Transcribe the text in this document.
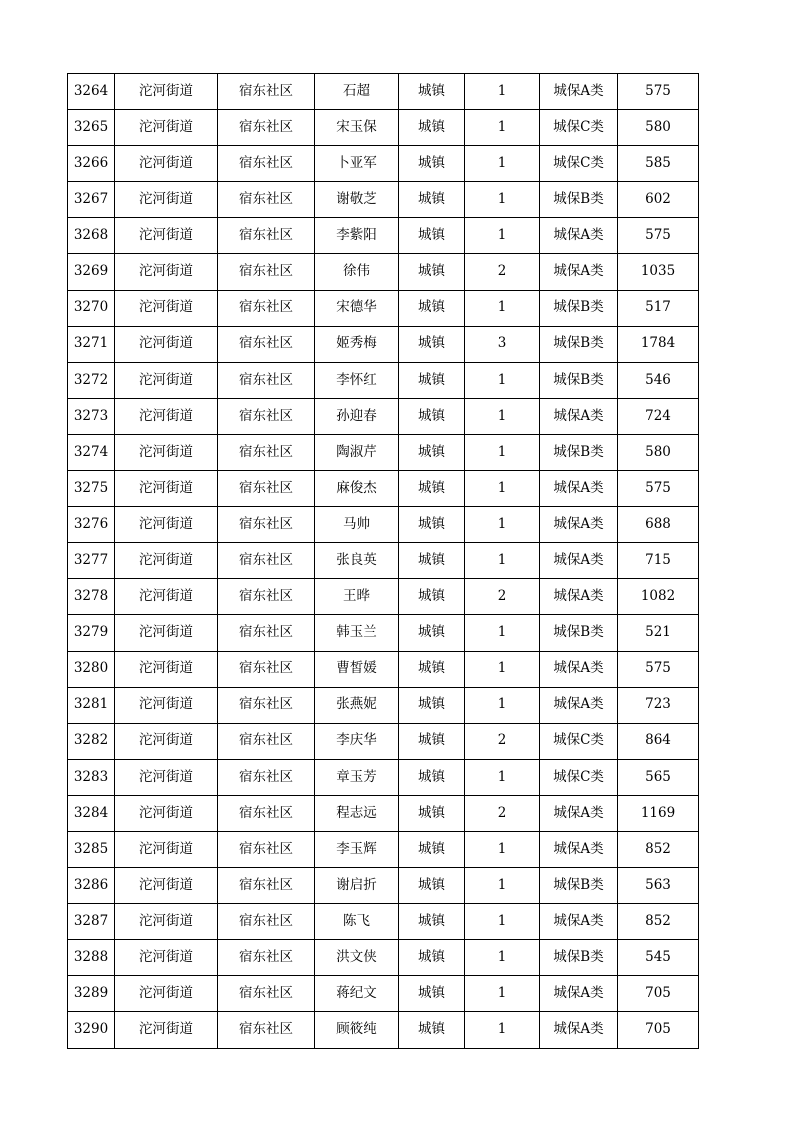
3264	沱河街道	宿东社区	石超	城镇	1	城保A类	575
3265	沱河街道	宿东社区	宋玉保	城镇	1	城保C类	580
3266	沱河街道	宿东社区	卜亚军	城镇	1	城保C类	585
3267	沱河街道	宿东社区	谢敬芝	城镇	1	城保B类	602
3268	沱河街道	宿东社区	李紫阳	城镇	1	城保A类	575
3269	沱河街道	宿东社区	徐伟	城镇	2	城保A类	1035
3270	沱河街道	宿东社区	宋德华	城镇	1	城保B类	517
3271	沱河街道	宿东社区	姬秀梅	城镇	3	城保B类	1784
3272	沱河街道	宿东社区	李怀红	城镇	1	城保B类	546
3273	沱河街道	宿东社区	孙迎春	城镇	1	城保A类	724
3274	沱河街道	宿东社区	陶淑芹	城镇	1	城保B类	580
3275	沱河街道	宿东社区	麻俊杰	城镇	1	城保A类	575
3276	沱河街道	宿东社区	马帅	城镇	1	城保A类	688
3277	沱河街道	宿东社区	张良英	城镇	1	城保A类	715
3278	沱河街道	宿东社区	王晔	城镇	2	城保A类	1082
3279	沱河街道	宿东社区	韩玉兰	城镇	1	城保B类	521
3280	沱河街道	宿东社区	曹皙媛	城镇	1	城保A类	575
3281	沱河街道	宿东社区	张燕妮	城镇	1	城保A类	723
3282	沱河街道	宿东社区	李庆华	城镇	2	城保C类	864
3283	沱河街道	宿东社区	章玉芳	城镇	1	城保C类	565
3284	沱河街道	宿东社区	程志远	城镇	2	城保A类	1169
3285	沱河街道	宿东社区	李玉辉	城镇	1	城保A类	852
3286	沱河街道	宿东社区	谢启折	城镇	1	城保B类	563
3287	沱河街道	宿东社区	陈飞	城镇	1	城保A类	852
3288	沱河街道	宿东社区	洪文侠	城镇	1	城保B类	545
3289	沱河街道	宿东社区	蒋纪文	城镇	1	城保A类	705
3290	沱河街道	宿东社区	顾筱纯	城镇	1	城保A类	705
